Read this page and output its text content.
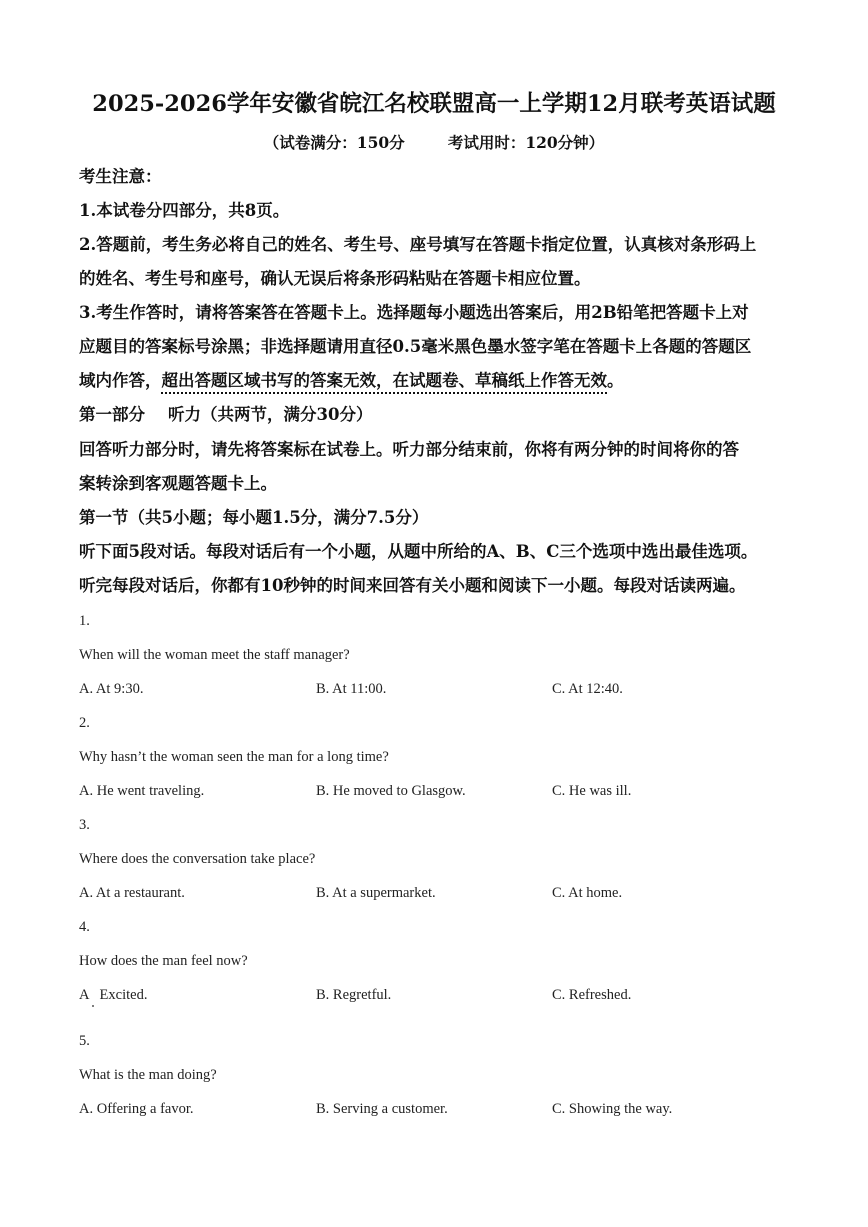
2025-2026学年安徽省皖江名校联盟高一上学期12月联考英语试题
（试卷满分：150分        考试用时：120分钟）
考生注意：
1.本试卷分四部分，共8页。
2.答题前，考生务必将自己的姓名、考生号、座号填写在答题卡指定位置，认真核对条形码上
的姓名、考生号和座号，确认无误后将条形码粘贴在答题卡相应位置。
3.考生作答时，请将答案答在答题卡上。选择题每小题选出答案后，用2B铅笔把答题卡上对
应题目的答案标号涂黑；非选择题请用直径0.5毫米黑色墨水签字笔在答题卡上各题的答题区
域内作答，超出答题区域书写的答案无效，在试题卷、草稿纸上作答无效。
第一部分    听力（共两节，满分30分）
回答听力部分时，请先将答案标在试卷上。听力部分结束前，你将有两分钟的时间将你的答
案转涂到客观题答题卡上。
第一节（共5小题；每小题1.5分，满分7.5分）
听下面5段对话。每段对话后有一个小题，从题中所给的A、B、C三个选项中选出最佳选项。
听完每段对话后，你都有10秒钟的时间来回答有关小题和阅读下一小题。每段对话读两遍。
1.
When will the woman meet the staff manager?
A. At 9:30.	B. At 11:00.	C. At 12:40.
2.
Why hasn’t the woman seen the man for a long time?
A. He went traveling.	B. He moved to Glasgow.	C. He was ill.
3.
Where does the conversation take place?
A. At a restaurant.	B. At a supermarket.	C. At home.
4.
How does the man feel now?
A   Excited.	B. Regretful.	C. Refreshed.
5.
What is the man doing?
A. Offering a favor.	B. Serving a customer.	C. Showing the way.
